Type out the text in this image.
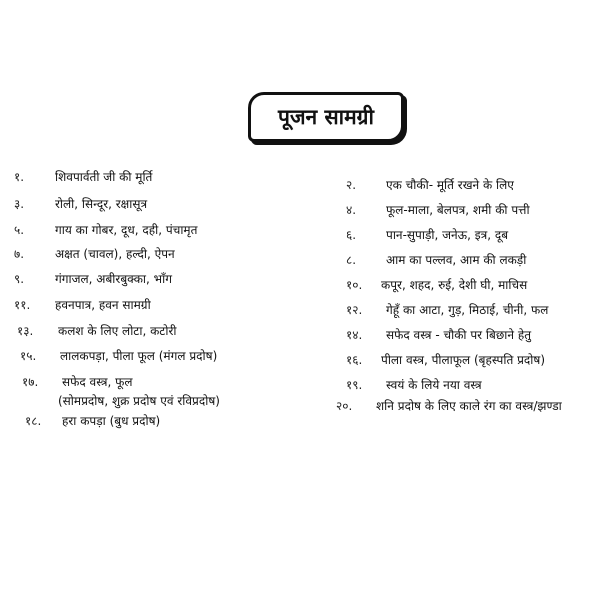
पूजन सामग्री
१.	शिवपार्वती जी की मूर्ति
३.	रोली, सिन्दूर, रक्षासूत्र
५.	गाय का गोबर, दूध, दही, पंचामृत
७.	अक्षत (चावल), हल्दी, ऐपन
९.	गंगाजल, अबीरबुक्का, भाँग
११. हवनपात्र, हवन सामग्री
१३. कलश के लिए लोटा, कटोरी
१५. लालकपड़ा, पीला फूल (मंगल प्रदोष)
१७. सफेद वस्त्र, फूल
(सोमप्रदोष, शुक्र प्रदोष एवं रविप्रदोष)
१८. हरा कपड़ा (बुध प्रदोष)
२. एक चौकी- मूर्ति रखने के लिए
४. फूल-माला, बेलपत्र, शमी की पत्ती
६. पान-सुपाड़ी, जनेऊ, इत्र, दूब
८. आम का पल्लव, आम की लकड़ी
१०. कपूर, शहद, रुई, देशी घी, माचिस
१२. गेहूँ का आटा, गुड़, मिठाई, चीनी, फल
१४. सफेद वस्त्र - चौकी पर बिछाने हेतु
१६. पीला वस्त्र, पीलाफूल (बृहस्पति प्रदोष)
१९. स्वयं के लिये नया वस्त्र
२०. शनि प्रदोष के लिए काले रंग का वस्त्र/झण्डा
